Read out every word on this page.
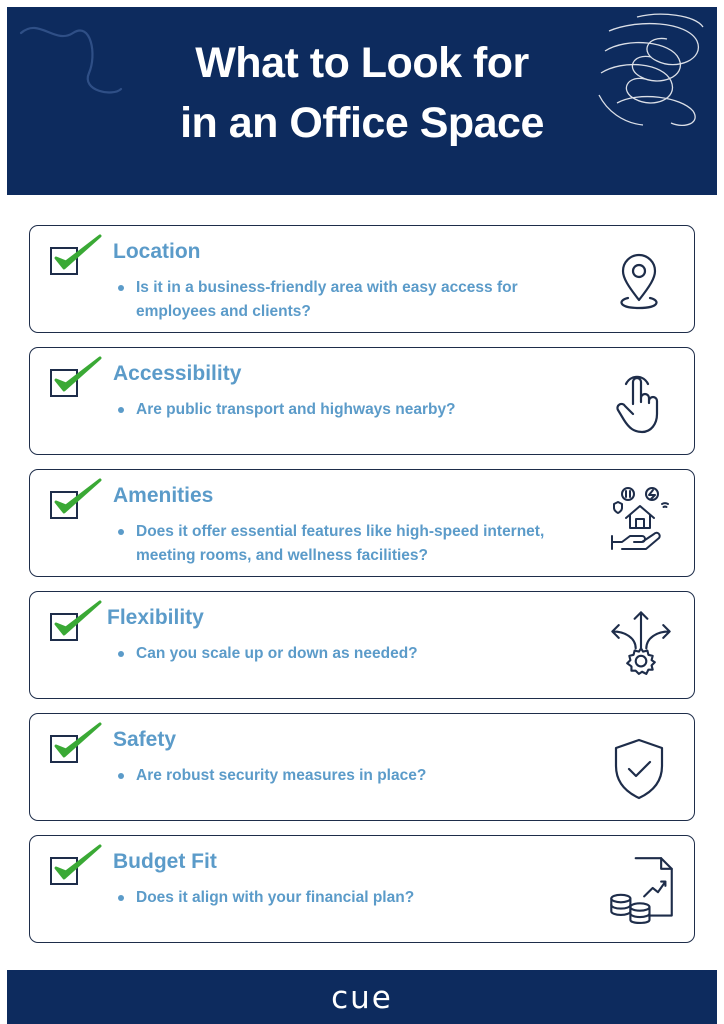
What to Look for
in an Office Space
Location
Is it in a business-friendly area with easy access for employees and clients?
Accessibility
Are public transport and highways nearby?
Amenities
Does it offer essential features like high-speed internet, meeting rooms, and wellness facilities?
Flexibility
Can you scale up or down as needed?
Safety
Are robust security measures in place?
Budget Fit
Does it align with your financial plan?
cue
